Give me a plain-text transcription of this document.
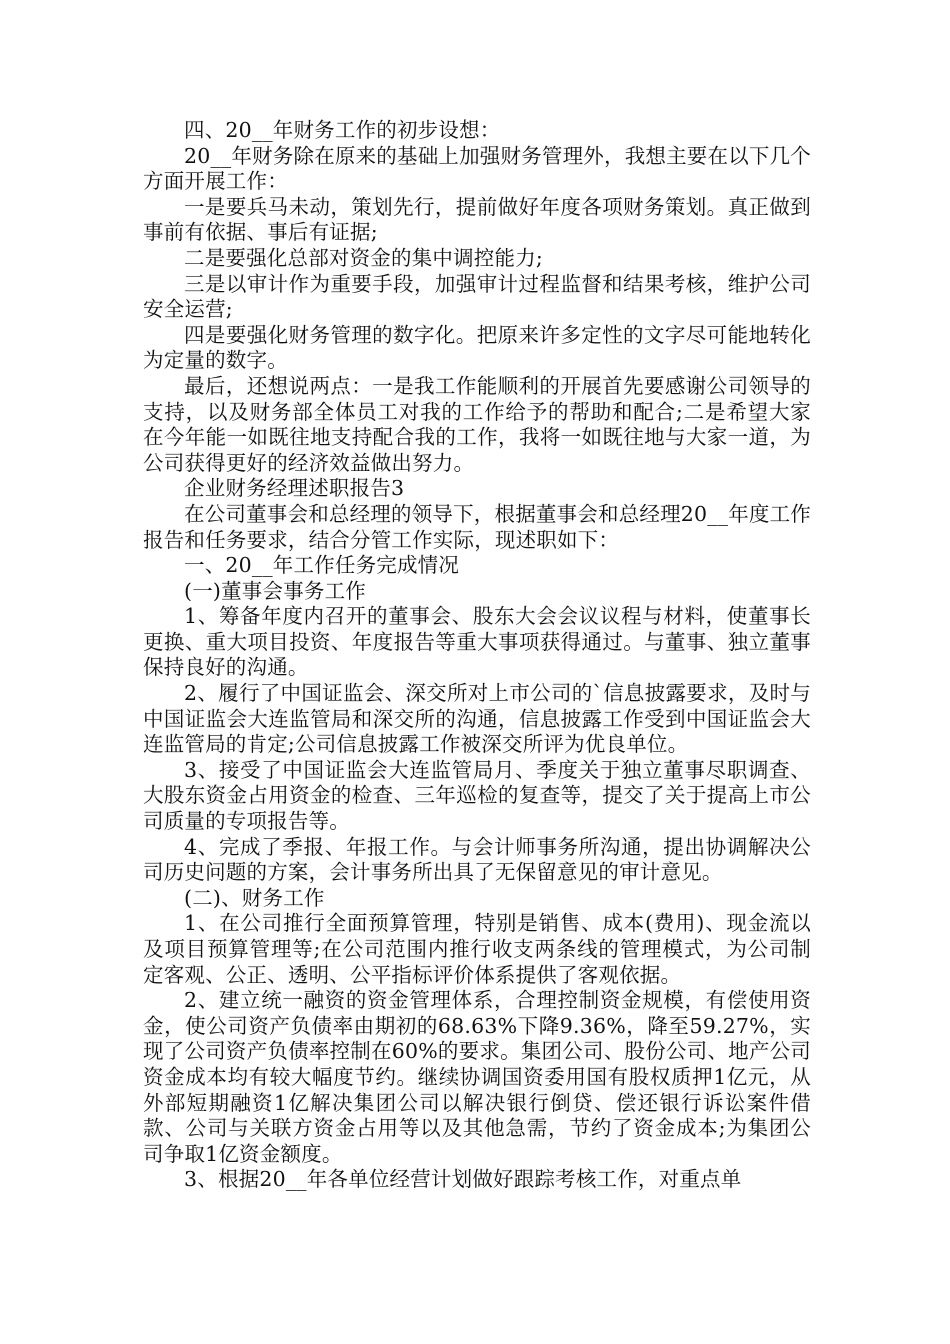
四、20__年财务工作的初步设想：

20__年财务除在原来的基础上加强财务管理外，我想主要在以下几个方面开展工作：

一是要兵马未动，策划先行，提前做好年度各项财务策划。真正做到事前有依据、事后有证据;

二是要强化总部对资金的集中调控能力;

三是以审计作为重要手段，加强审计过程监督和结果考核，维护公司安全运营;

四是要强化财务管理的数字化。把原来许多定性的文字尽可能地转化为定量的数字。

最后，还想说两点：一是我工作能顺利的开展首先要感谢公司领导的支持，以及财务部全体员工对我的工作给予的帮助和配合;二是希望大家在今年能一如既往地支持配合我的工作，我将一如既往地与大家一道，为公司获得更好的经济效益做出努力。

企业财务经理述职报告3

在公司董事会和总经理的领导下，根据董事会和总经理20__年度工作报告和任务要求，结合分管工作实际，现述职如下：

一、20__年工作任务完成情况

(一)董事会事务工作

1、筹备年度内召开的董事会、股东大会会议议程与材料，使董事长更换、重大项目投资、年度报告等重大事项获得通过。与董事、独立董事保持良好的沟通。

2、履行了中国证监会、深交所对上市公司的`信息披露要求，及时与中国证监会大连监管局和深交所的沟通，信息披露工作受到中国证监会大连监管局的肯定;公司信息披露工作被深交所评为优良单位。

3、接受了中国证监会大连监管局月、季度关于独立董事尽职调查、大股东资金占用资金的检查、三年巡检的复查等，提交了关于提高上市公司质量的专项报告等。

4、完成了季报、年报工作。与会计师事务所沟通，提出协调解决公司历史问题的方案，会计事务所出具了无保留意见的审计意见。

(二)、财务工作

1、在公司推行全面预算管理，特别是销售、成本(费用)、现金流以及项目预算管理等;在公司范围内推行收支两条线的管理模式，为公司制定客观、公正、透明、公平指标评价体系提供了客观依据。

2、建立统一融资的资金管理体系，合理控制资金规模，有偿使用资金，使公司资产负债率由期初的68.63%下降9.36%，降至59.27%，实现了公司资产负债率控制在60%的要求。集团公司、股份公司、地产公司资金成本均有较大幅度节约。继续协调国资委用国有股权质押1亿元，从外部短期融资1亿解决集团公司以解决银行倒贷、偿还银行诉讼案件借款、公司与关联方资金占用等以及其他急需，节约了资金成本;为集团公司争取1亿资金额度。

3、根据20__年各单位经营计划做好跟踪考核工作，对重点单
